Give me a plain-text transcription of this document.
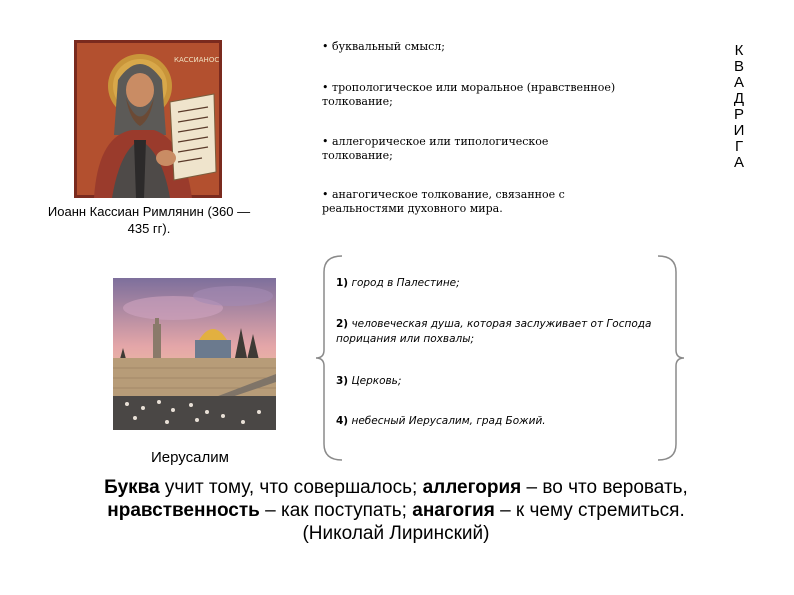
КАССИАНОС
Иоанн Кассиан Римлянин (360 — 435 гг).
• буквальный смысл;
• тропологическое или моральное (нравственное) толкование;
• аллегорическое или типологическое толкование;
• анагогическое толкование, связанное с реальностями духовного мира.
К
В
А
Д
Р
И
Г
А
Иерусалим
1) город в Палестине;
2) человеческая душа, которая заслуживает от Господа порицания или похвалы;
3) Церковь;
4) небесный Иерусалим, град Божий.
Буква учит тому, что совершалось; аллегория – во что веровать, нравственность – как поступать; анагогия – к чему стремиться. (Николай Лиринский)
